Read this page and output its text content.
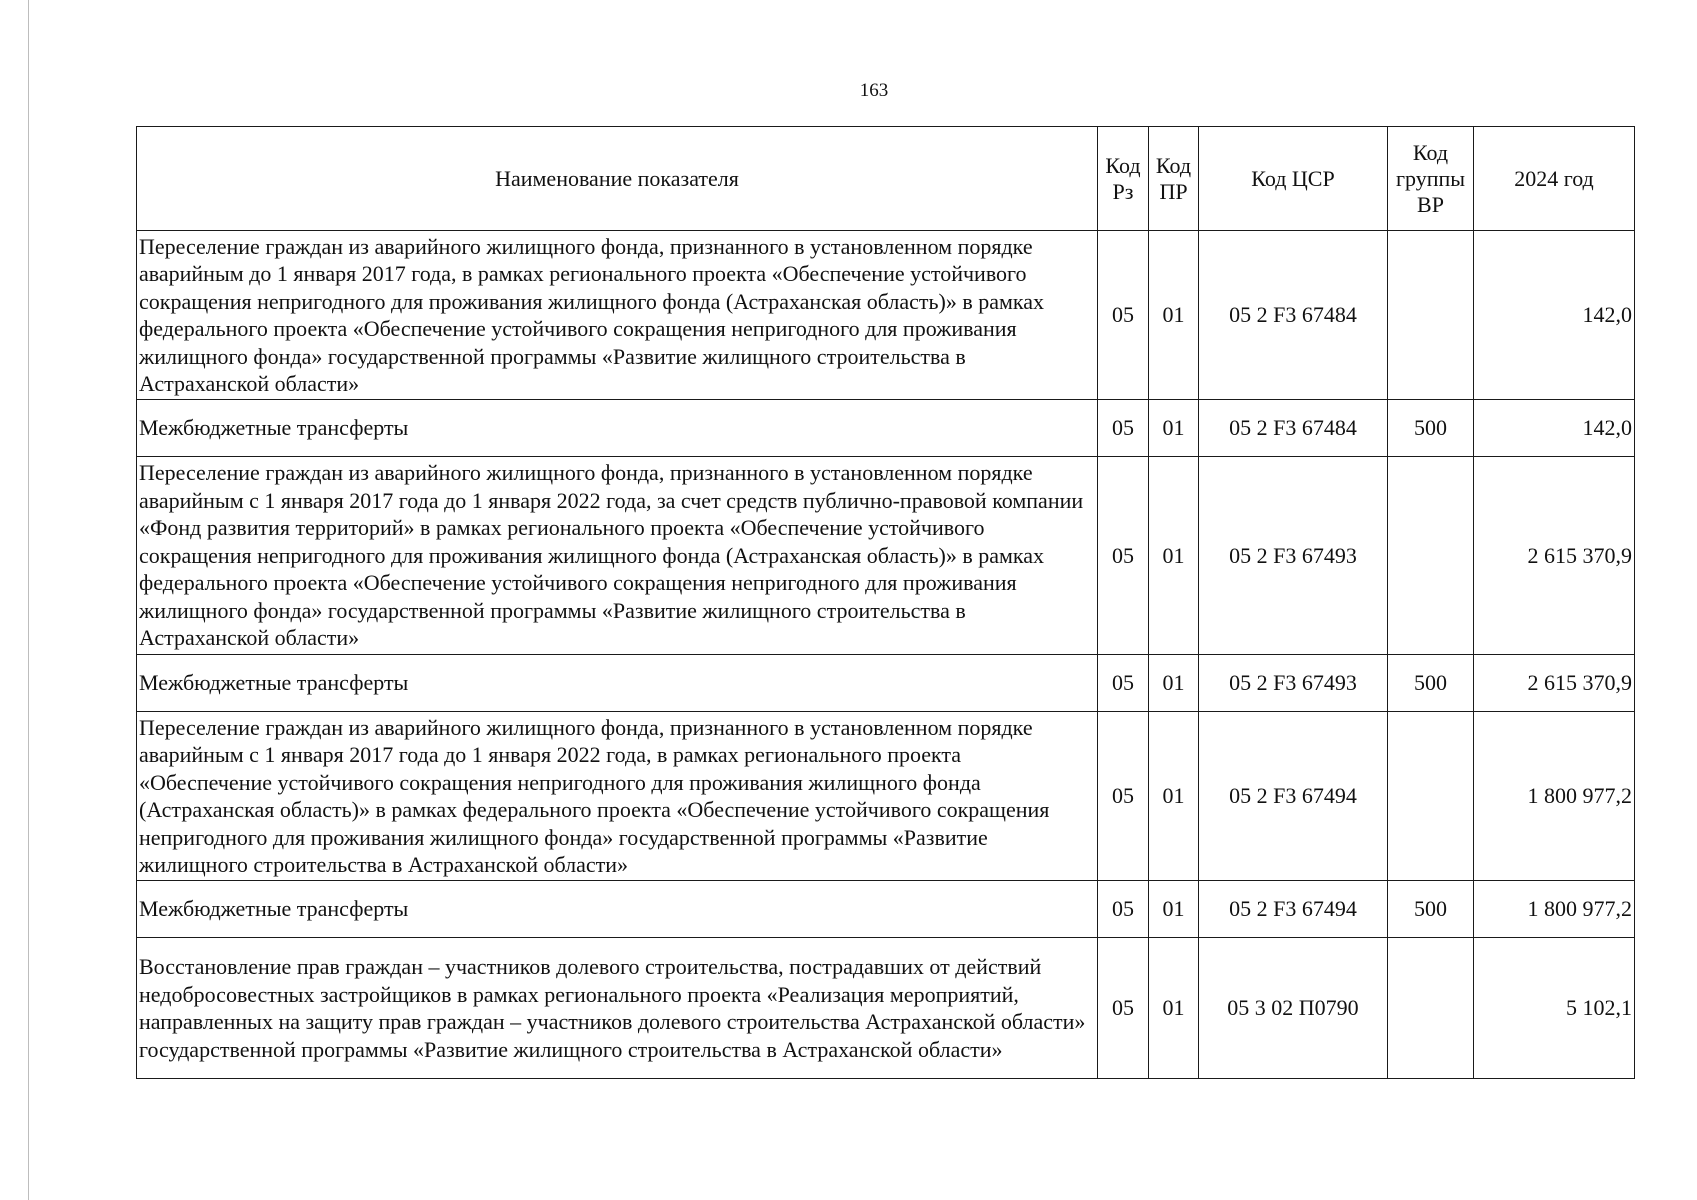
163
Наименование показателя	Код Рз	Код ПР	Код ЦСР	Код группы ВР	2024 год
Переселение граждан из аварийного жилищного фонда, признанного в установленном порядке аварийным до 1 января 2017 года, в рамках регионального проекта «Обеспечение устойчивого сокращения непригодного для проживания жилищного фонда (Астраханская область)» в рамках федерального проекта «Обеспечение устойчивого сокращения непригодного для проживания жилищного фонда» государственной программы «Развитие жилищного строительства в Астраханской области»	05	01	05 2 F3 67484		142,0
Межбюджетные трансферты	05	01	05 2 F3 67484	500	142,0
Переселение граждан из аварийного жилищного фонда, признанного в установленном порядке аварийным с 1 января 2017 года до 1 января 2022 года, за счет средств публично-правовой компании «Фонд развития территорий» в рамках регионального проекта «Обеспечение устойчивого сокращения непригодного для проживания жилищного фонда (Астраханская область)» в рамках федерального проекта «Обеспечение устойчивого сокращения непригодного для проживания жилищного фонда» государственной программы «Развитие жилищного строительства в Астраханской области»	05	01	05 2 F3 67493		2 615 370,9
Межбюджетные трансферты	05	01	05 2 F3 67493	500	2 615 370,9
Переселение граждан из аварийного жилищного фонда, признанного в установленном порядке аварийным с 1 января 2017 года до 1 января 2022 года, в рамках регионального проекта «Обеспечение устойчивого сокращения непригодного для проживания жилищного фонда (Астраханская область)» в рамках федерального проекта «Обеспечение устойчивого сокращения непригодного для проживания жилищного фонда» государственной программы «Развитие жилищного строительства в Астраханской области»	05	01	05 2 F3 67494		1 800 977,2
Межбюджетные трансферты	05	01	05 2 F3 67494	500	1 800 977,2
Восстановление прав граждан – участников долевого строительства, пострадавших от действий недобросовестных застройщиков в рамках регионального проекта «Реализация мероприятий, направленных на защиту прав граждан – участников долевого строительства Астраханской области» государственной программы «Развитие жилищного строительства в Астраханской области»	05	01	05 3 02 П0790		5 102,1
